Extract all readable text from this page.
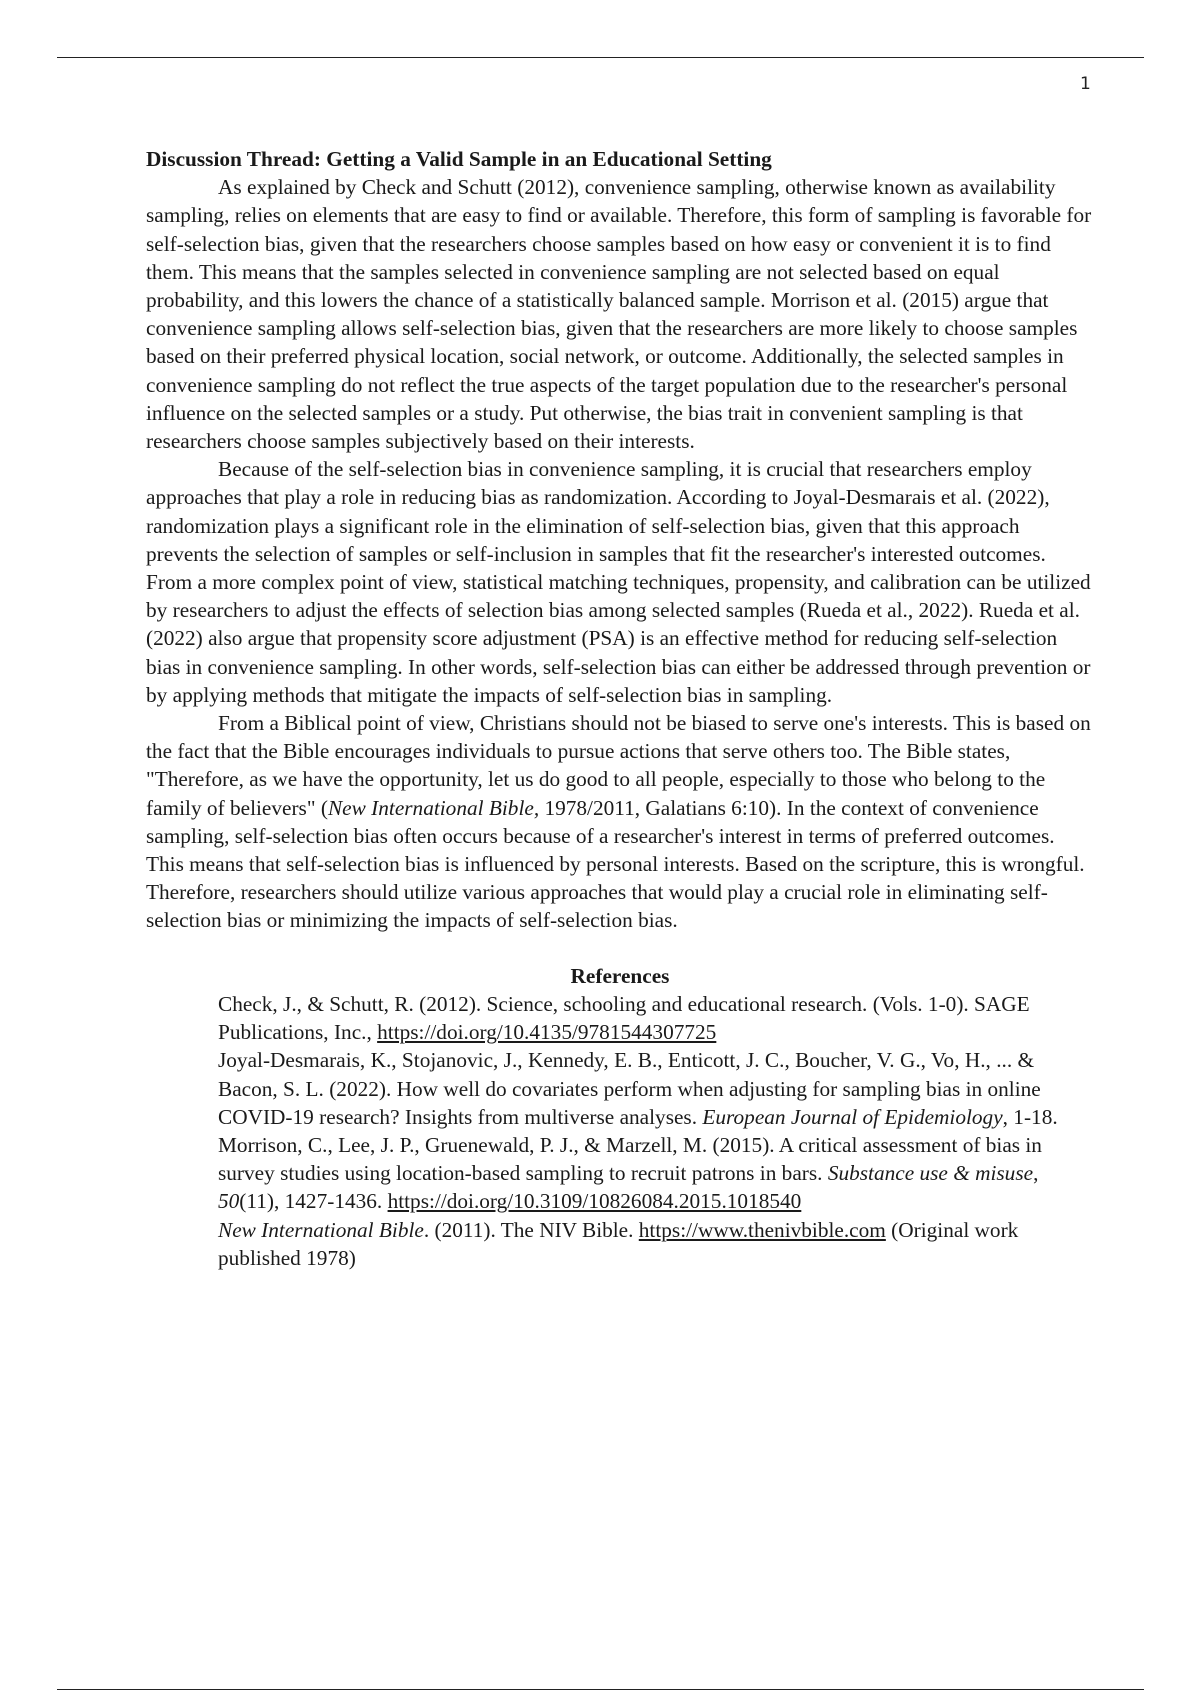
1

Discussion Thread: Getting a Valid Sample in an Educational Setting

As explained by Check and Schutt (2012), convenience sampling, otherwise known as availability sampling, relies on elements that are easy to find or available. Therefore, this form of sampling is favorable for self-selection bias, given that the researchers choose samples based on how easy or convenient it is to find them. This means that the samples selected in convenience sampling are not selected based on equal probability, and this lowers the chance of a statistically balanced sample. Morrison et al. (2015) argue that convenience sampling allows self-selection bias, given that the researchers are more likely to choose samples based on their preferred physical location, social network, or outcome. Additionally, the selected samples in convenience sampling do not reflect the true aspects of the target population due to the researcher's personal influence on the selected samples or a study. Put otherwise, the bias trait in convenient sampling is that researchers choose samples subjectively based on their interests.

Because of the self-selection bias in convenience sampling, it is crucial that researchers employ approaches that play a role in reducing bias as randomization. According to Joyal-Desmarais et al. (2022), randomization plays a significant role in the elimination of self-selection bias, given that this approach prevents the selection of samples or self-inclusion in samples that fit the researcher's interested outcomes. From a more complex point of view, statistical matching techniques, propensity, and calibration can be utilized by researchers to adjust the effects of selection bias among selected samples (Rueda et al., 2022). Rueda et al. (2022) also argue that propensity score adjustment (PSA) is an effective method for reducing self-selection bias in convenience sampling. In other words, self-selection bias can either be addressed through prevention or by applying methods that mitigate the impacts of self-selection bias in sampling.

From a Biblical point of view, Christians should not be biased to serve one's interests. This is based on the fact that the Bible encourages individuals to pursue actions that serve others too. The Bible states, "Therefore, as we have the opportunity, let us do good to all people, especially to those who belong to the family of believers" (New International Bible, 1978/2011, Galatians 6:10). In the context of convenience sampling, self-selection bias often occurs because of a researcher's interest in terms of preferred outcomes. This means that self-selection bias is influenced by personal interests. Based on the scripture, this is wrongful. Therefore, researchers should utilize various approaches that would play a crucial role in eliminating self-selection bias or minimizing the impacts of self-selection bias.

References

Check, J., & Schutt, R. (2012). Science, schooling and educational research. (Vols. 1-0). SAGE Publications, Inc., https://doi.org/10.4135/9781544307725

Joyal-Desmarais, K., Stojanovic, J., Kennedy, E. B., Enticott, J. C., Boucher, V. G., Vo, H., ... & Bacon, S. L. (2022). How well do covariates perform when adjusting for sampling bias in online COVID-19 research? Insights from multiverse analyses. European Journal of Epidemiology, 1-18.

Morrison, C., Lee, J. P., Gruenewald, P. J., & Marzell, M. (2015). A critical assessment of bias in survey studies using location-based sampling to recruit patrons in bars. Substance use & misuse, 50(11), 1427-1436. https://doi.org/10.3109/10826084.2015.1018540

New International Bible. (2011). The NIV Bible. https://www.thenivbible.com (Original work published 1978)
